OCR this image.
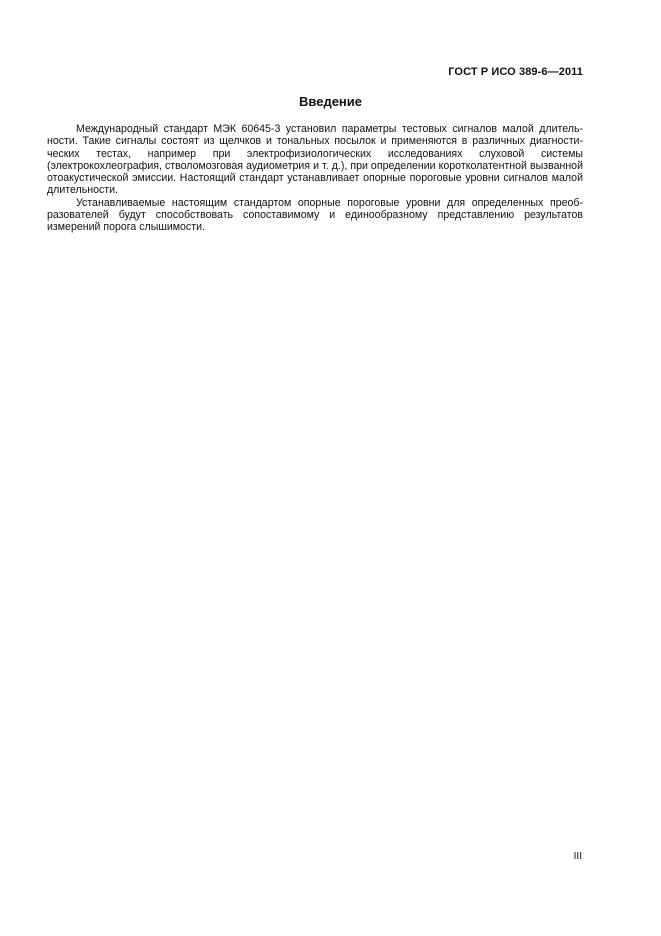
ГОСТ Р ИСО 389-6—2011
Введение

Международный стандарт МЭК 60645-3 установил параметры тестовых сигналов малой длительности. Такие сигналы состоят из щелчков и тональных посылок и применяются в различных диагностических тестах, например при электрофизиологических исследованиях слуховой системы (электрокохлеография, стволомозговая аудиометрия и т. д.), при определении коротколатентной вызванной отоакустической эмиссии. Настоящий стандарт устанавливает опорные пороговые уровни сигналов малой длительности.

Устанавливаемые настоящим стандартом опорные пороговые уровни для определенных преобразователей будут способствовать сопоставимому и единообразному представлению результатов измерений порога слышимости.

III
